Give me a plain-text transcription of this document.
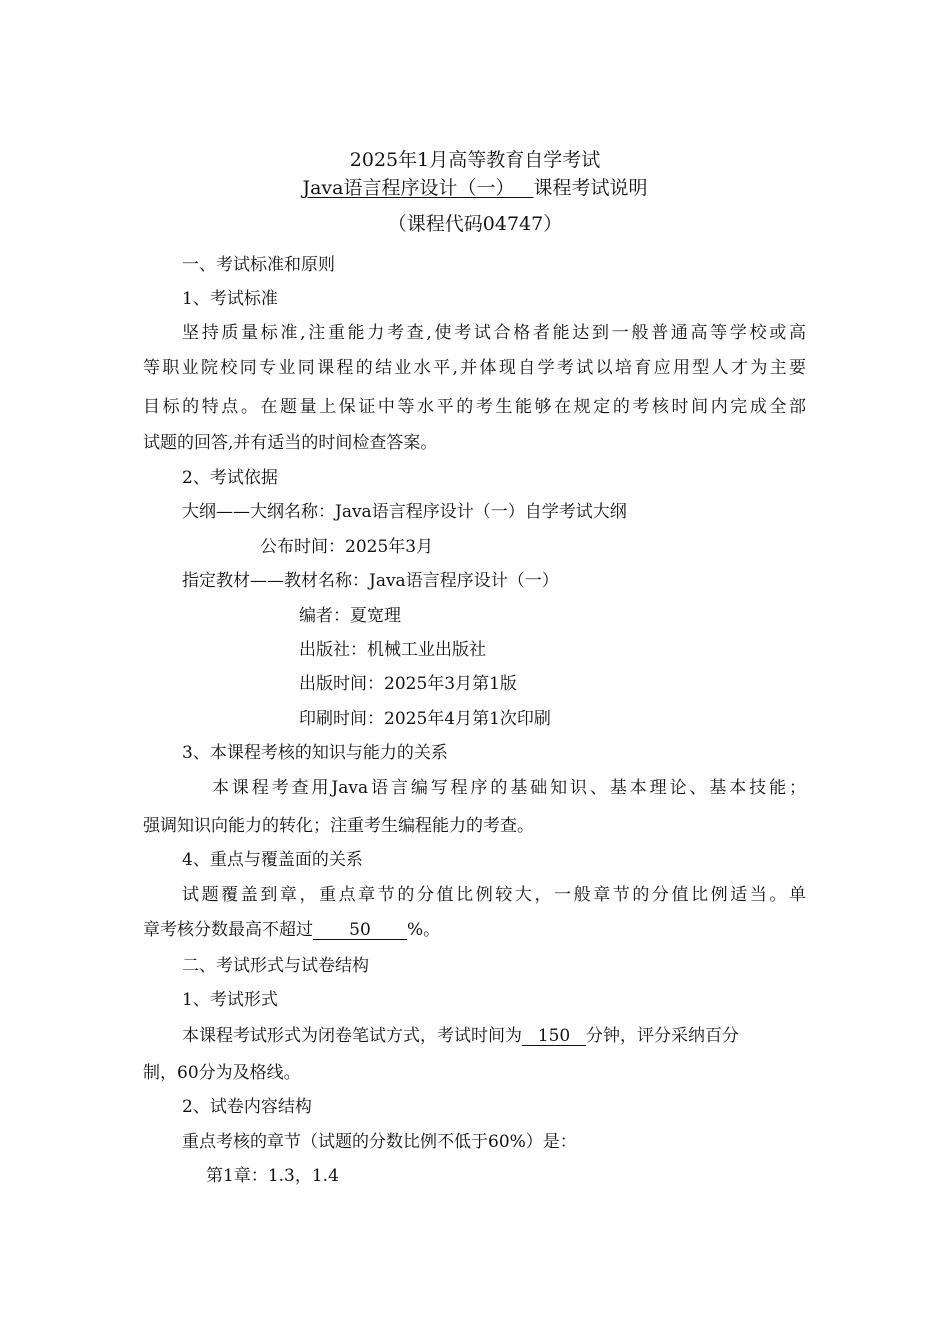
2025年1月高等教育自学考试
Java语言程序设计（一）  课程考试说明
（课程代码04747）
一、考试标准和原则
1、考试标准
坚持质量标准,注重能力考查,使考试合格者能达到一般普通高等学校或高
等职业院校同专业同课程的结业水平,并体现自学考试以培育应用型人才为主要
目标的特点。在题量上保证中等水平的考生能够在规定的考核时间内完成全部
试题的回答,并有适当的时间检查答案。
2、考试依据
大纲——大纲名称：Java语言程序设计（一）自学考试大纲
公布时间：2025年3月
指定教材——教材名称：Java语言程序设计（一）
编者：夏宽理
出版社：机械工业出版社
出版时间：2025年3月第1版
印刷时间：2025年4月第1次印刷
3、本课程考核的知识与能力的关系
本课程考查用Java语言编写程序的基础知识、基本理论、基本技能；
强调知识向能力的转化；注重考生编程能力的考查。
4、重点与覆盖面的关系
试题覆盖到章，重点章节的分值比例较大，一般章节的分值比例适当。单
章考核分数最高不超过 50 %。
二、考试形式与试卷结构
1、考试形式
本课程考试形式为闭卷笔试方式，考试时间为 150 分钟，评分采纳百分
制，60分为及格线。
2、试卷内容结构
重点考核的章节（试题的分数比例不低于60%）是：
第1章：1.3，1.4
